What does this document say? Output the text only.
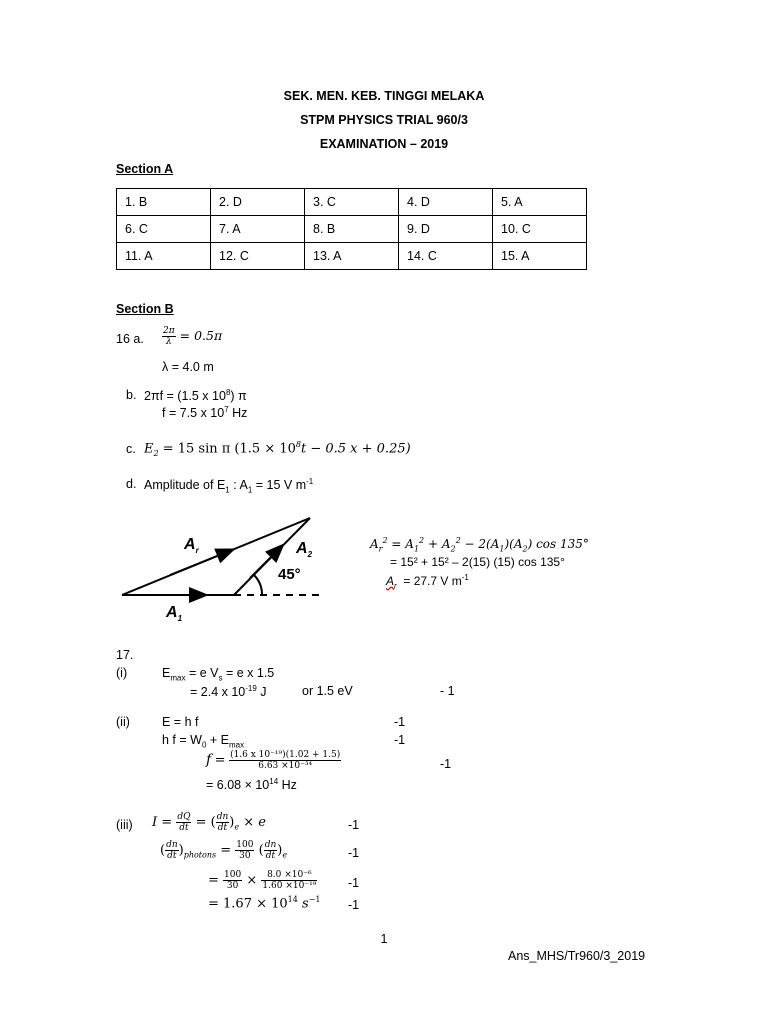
SEK. MEN. KEB. TINGGI MELAKA
STPM PHYSICS TRIAL 960/3
EXAMINATION – 2019
Section A
1. B	2. D	3. C	4. D	5. A
6. C	7. A	8. B	9. D	10. C
11. A	12. C	13. A	14. C	15. A
Section B
16 a. $\frac{2\pi}{\lambda} = 0.5\pi$
λ = 4.0 m
b. 2πf = (1.5 x $10^8$) π
f = 7.5 x $10^7$ Hz
c. $E_2 = 15$ sin π ($1.5 \times 10^8t - 0.5$ x + 0.25)
d. Amplitude of $E_1$ : $A_1 = 15$ V $m^{-1}$
$A_r$	$A_2$
$A_1$
45°
$A_r^2 = A_1^2 + A_2^2 - 2(A_1)(A_2)$ cos 135°
= 15² + 15² – 2(15) (15) cos 135°
$A_r = 27.7$ V $m^{-1}$
17.
(i)	$E_{max} = e$ $V_s = e$ x 1.5
= 2.4 x $10^{-19}$ J	or 1.5 eV	- 1
(ii)	E = h f	-1
h $f = W_0 + E_{max}$	-1
$f = \frac{\text{(1.6 x 10⁻¹⁹)(1.02 + 1.5)}}{\text{6.63 ×10⁻³⁴}}$	-1
= $6.08 \times 10^{14}$ Hz
(iii) $I = \frac{dQ}{dt}$ = ( $\frac{dn}{dt} )_e \times e$	-1
( $\frac{dn}{dt} )_{photons} = \frac{100}{30}$ ( $\frac{dn}{dt} )_e$	-1
= $\frac{100}{30} \times \frac{\text{8.0 ×10⁻⁶}}{\text{1.60 ×10⁻¹⁹}} -1$
= $1.67 \times 10^{14}$ $s^{-1}$ -1
1
Ans_MHS/Tr960/3_2019
